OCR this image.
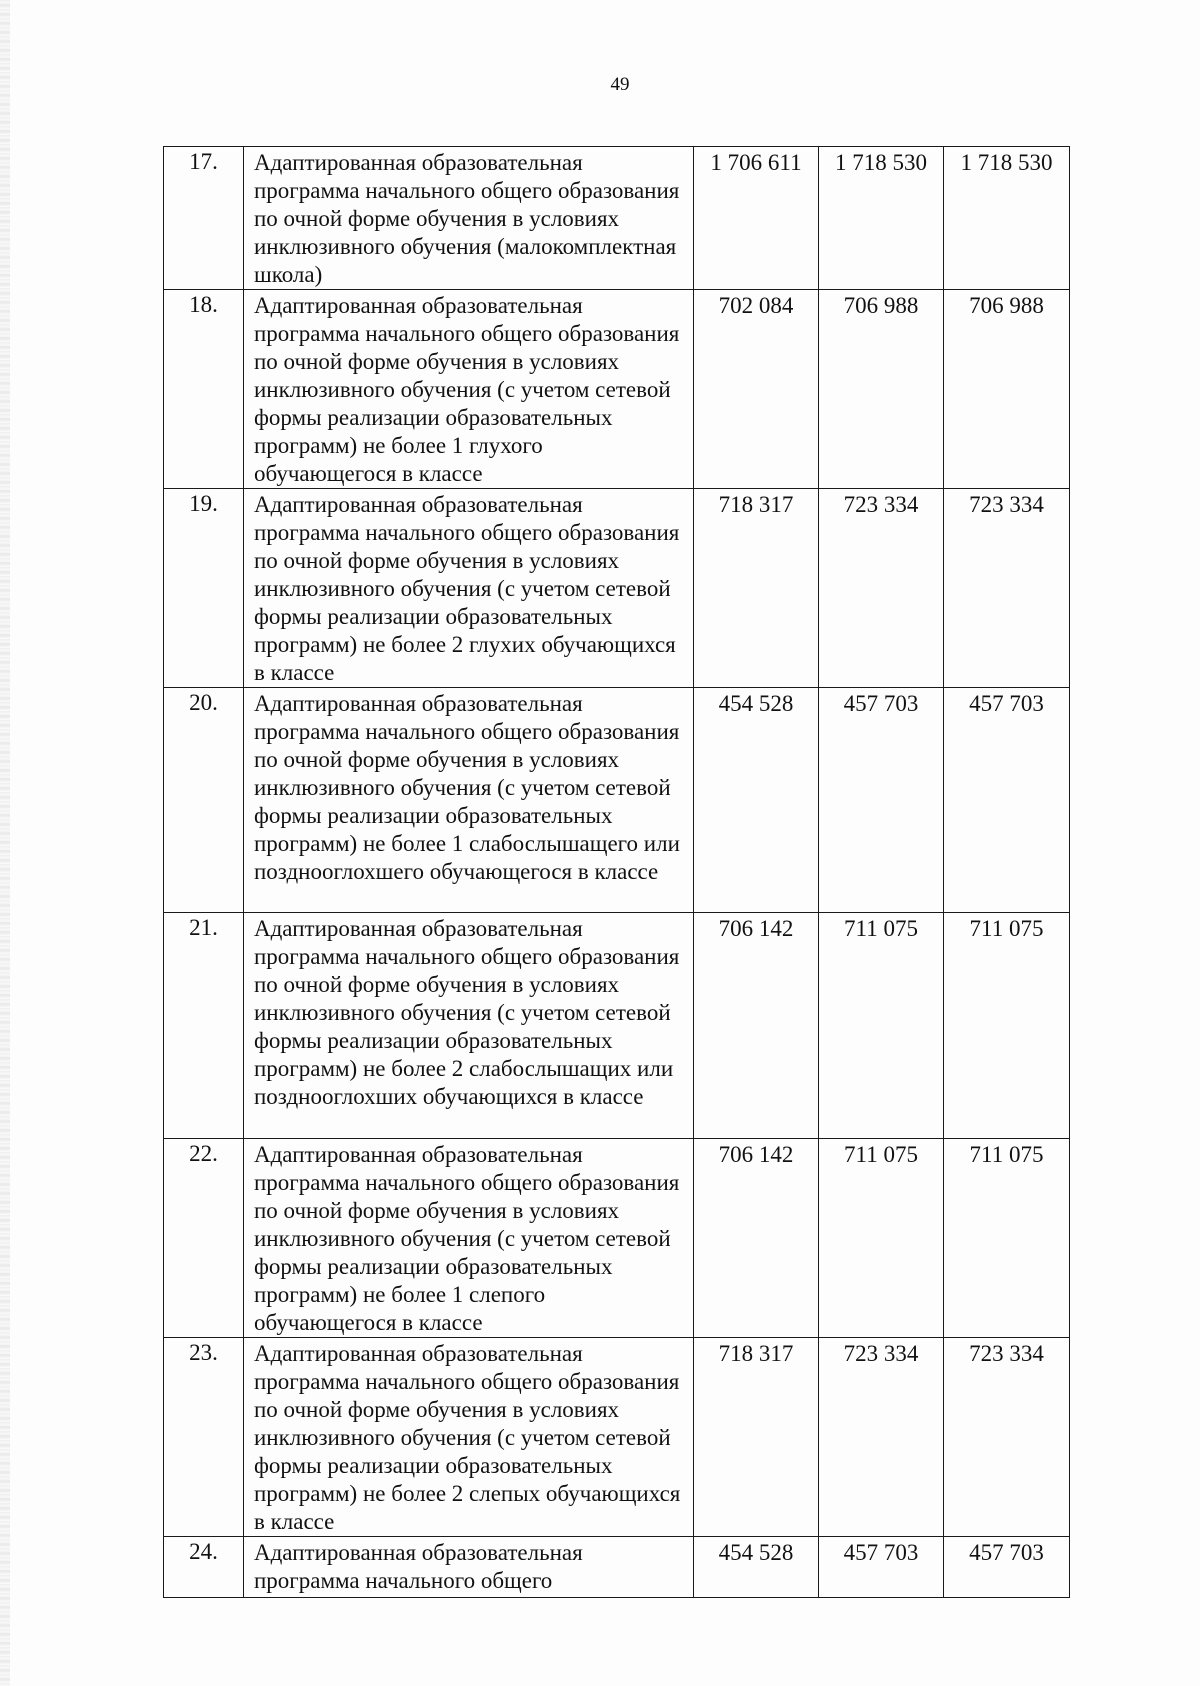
49
17.	Адаптированная образовательная программа начального общего образования по очной форме обучения в условиях инклюзивного обучения (малокомплектная школа)	1 706 611	1 718 530	1 718 530

18.	Адаптированная образовательная программа начального общего образования по очной форме обучения в условиях инклюзивного обучения (с учетом сетевой формы реализации образовательных программ) не более 1 глухого обучающегося в классе	702 084	706 988	706 988

19.	Адаптированная образовательная программа начального общего образования по очной форме обучения в условиях инклюзивного обучения (с учетом сетевой формы реализации образовательных программ) не более 2 глухих обучающихся в классе	718 317	723 334	723 334

20.	Адаптированная образовательная программа начального общего образования по очной форме обучения в условиях инклюзивного обучения (с учетом сетевой формы реализации образовательных программ) не более 1 слабослышащего или позднооглохшего обучающегося в классе	454 528	457 703	457 703

21.	Адаптированная образовательная программа начального общего образования по очной форме обучения в условиях инклюзивного обучения (с учетом сетевой формы реализации образовательных программ) не более 2 слабослышащих или позднооглохших обучающихся в классе	706 142	711 075	711 075

22.	Адаптированная образовательная программа начального общего образования по очной форме обучения в условиях инклюзивного обучения (с учетом сетевой формы реализации образовательных программ) не более 1 слепого обучающегося в классе	706 142	711 075	711 075

23.	Адаптированная образовательная программа начального общего образования по очной форме обучения в условиях инклюзивного обучения (с учетом сетевой формы реализации образовательных программ) не более 2 слепых обучающихся в классе	718 317	723 334	723 334

24.	Адаптированная образовательная программа начального общего	454 528	457 703	457 703
